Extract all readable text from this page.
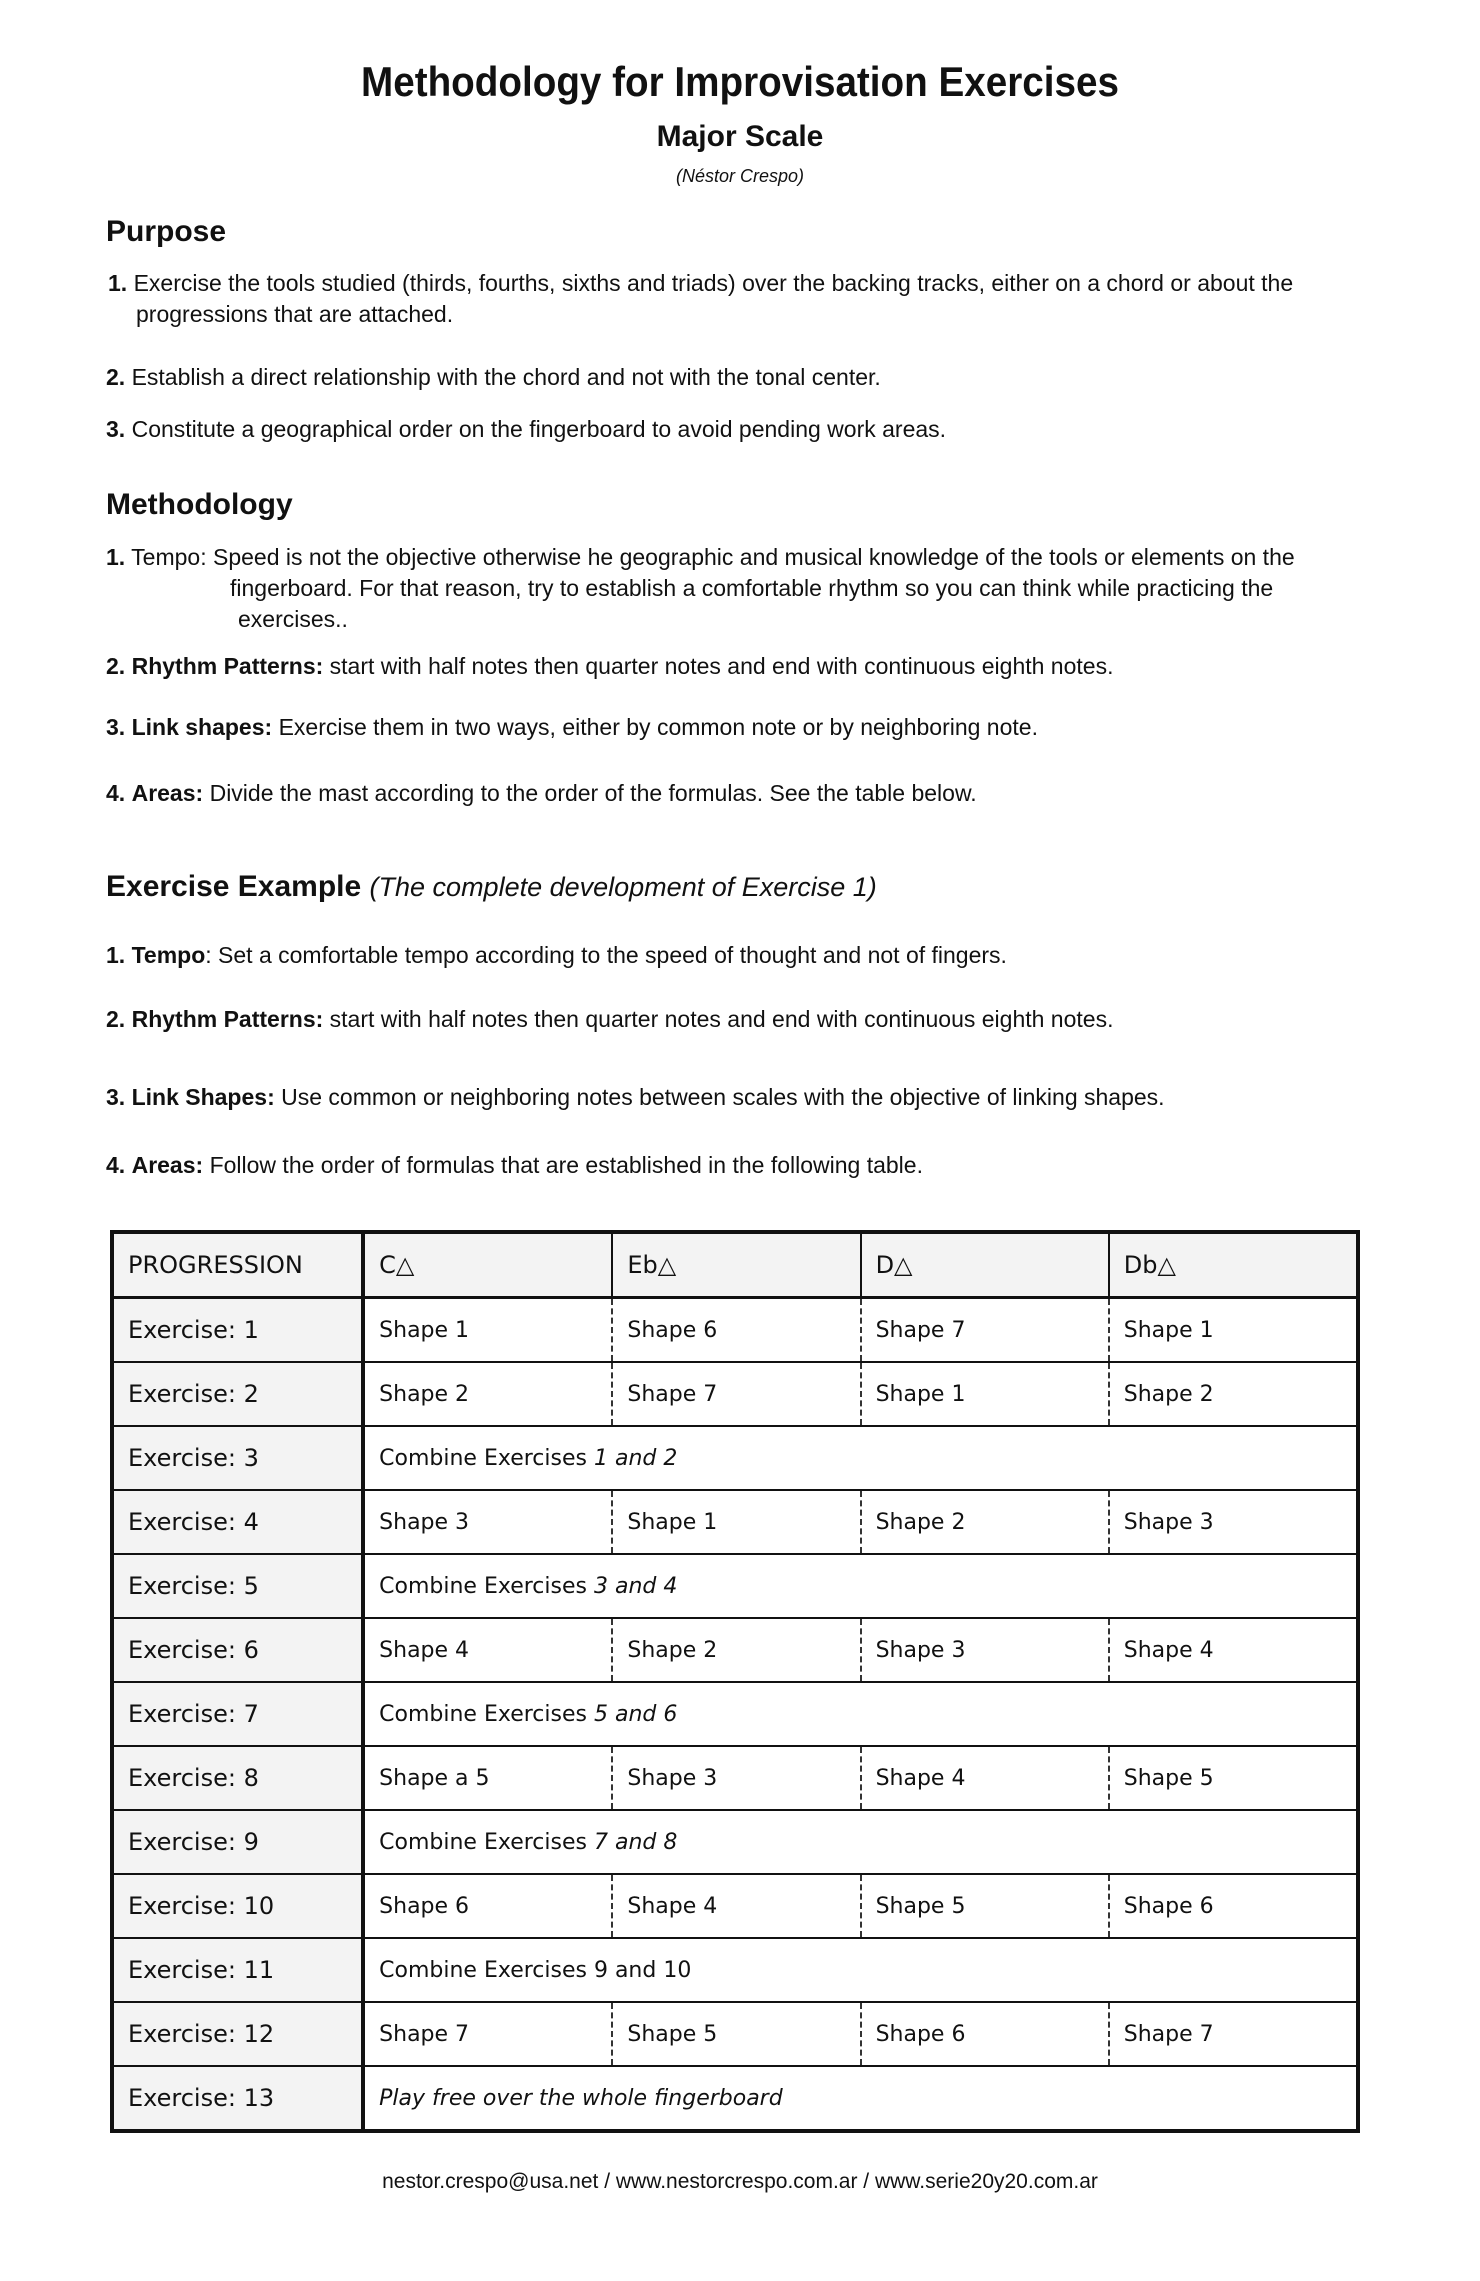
Methodology for Improvisation Exercises
Major Scale
(Néstor Crespo)
Purpose
1. Exercise the tools studied (thirds, fourths, sixths and triads) over the backing tracks, either on a chord or about the progressions that are attached.
2. Establish a direct relationship with the chord and not with the tonal center.
3. Constitute a geographical order on the fingerboard to avoid pending work areas.
Methodology
1. Tempo: Speed is not the objective otherwise he geographic and musical knowledge of the tools or elements on the
fingerboard. For that reason, try to establish a comfortable rhythm so you can think while practicing the
exercises..
2. Rhythm Patterns: start with half notes then quarter notes and end with continuous eighth notes.
3. Link shapes: Exercise them in two ways, either by common note or by neighboring note.
4. Areas: Divide the mast according to the order of the formulas. See the table below.
Exercise Example (The complete development of Exercise 1)
1. Tempo: Set a comfortable tempo according to the speed of thought and not of fingers.
2. Rhythm Patterns: start with half notes then quarter notes and end with continuous eighth notes.
3. Link Shapes: Use common or neighboring notes between scales with the objective of linking shapes.
4. Areas: Follow the order of formulas that are established in the following table.
PROGRESSION	C△	Eb△	D△	Db△
Exercise: 1	Shape 1	Shape 6	Shape 7	Shape 1
Exercise: 2	Shape 2	Shape 7	Shape 1	Shape 2
Exercise: 3	Combine Exercises 1 and 2			
Exercise: 4	Shape 3	Shape 1	Shape 2	Shape 3
Exercise: 5	Combine Exercises 3 and 4			
Exercise: 6	Shape 4	Shape 2	Shape 3	Shape 4
Exercise: 7	Combine Exercises 5 and 6			
Exercise: 8	Shape a 5	Shape 3	Shape 4	Shape 5
Exercise: 9	Combine Exercises 7 and 8			
Exercise: 10	Shape 6	Shape 4	Shape 5	Shape 6
Exercise: 11	Combine Exercises 9 and 10			
Exercise: 12	Shape 7	Shape 5	Shape 6	Shape 7
Exercise: 13	Play free over the whole fingerboard			
nestor.crespo@usa.net / www.nestorcrespo.com.ar / www.serie20y20.com.ar
